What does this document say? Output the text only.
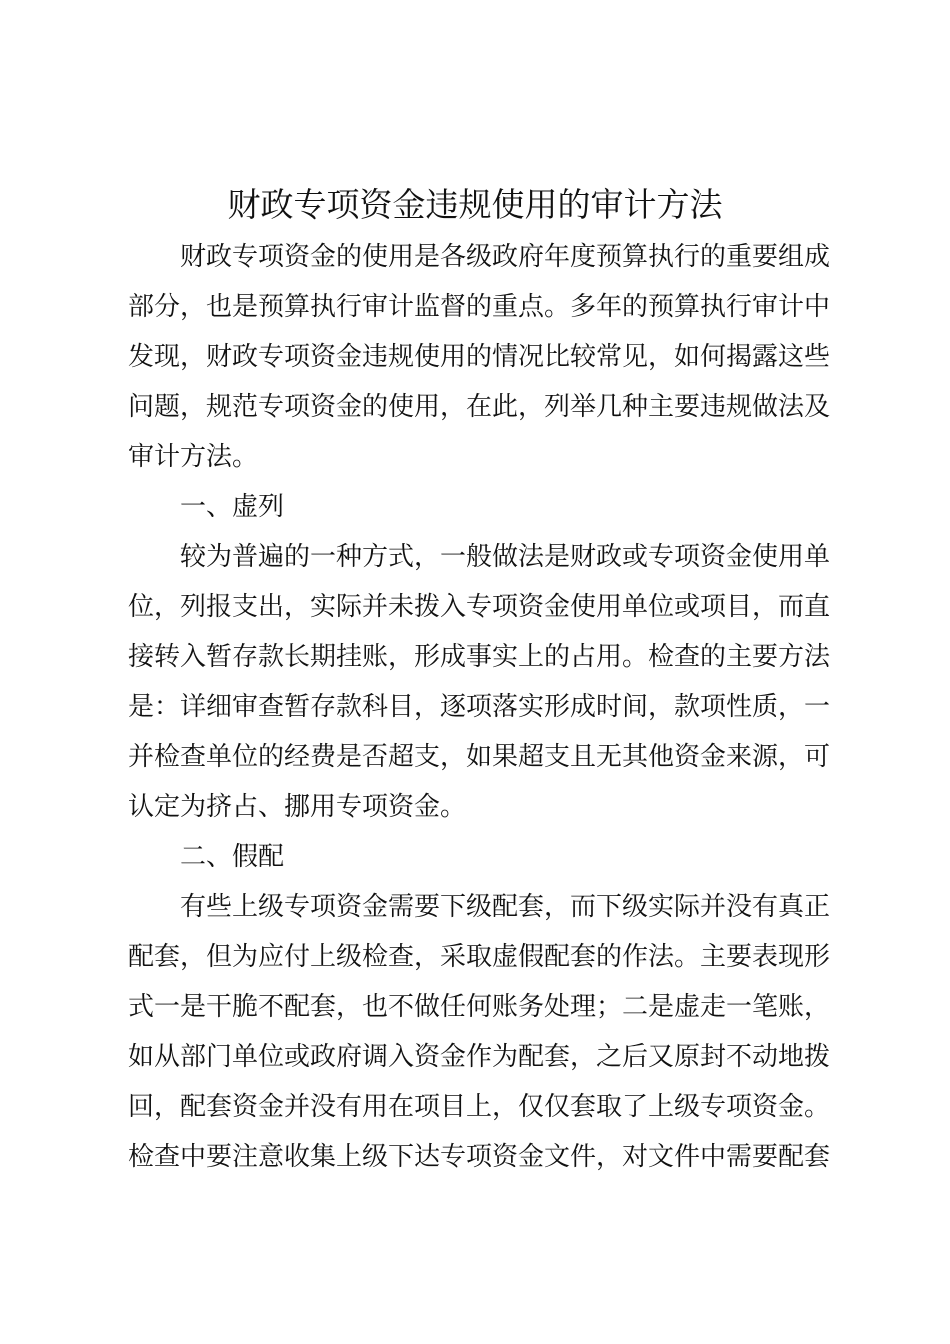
财政专项资金违规使用的审计方法
财政专项资金的使用是各级政府年度预算执行的重要组成
部分，也是预算执行审计监督的重点。多年的预算执行审计中
发现，财政专项资金违规使用的情况比较常见，如何揭露这些
问题，规范专项资金的使用，在此，列举几种主要违规做法及
审计方法。
一、虚列
较为普遍的一种方式，一般做法是财政或专项资金使用单
位，列报支出，实际并未拨入专项资金使用单位或项目，而直
接转入暂存款长期挂账，形成事实上的占用。检查的主要方法
是：详细审查暂存款科目，逐项落实形成时间，款项性质，一
并检查单位的经费是否超支，如果超支且无其他资金来源，可
认定为挤占、挪用专项资金。
二、假配
有些上级专项资金需要下级配套，而下级实际并没有真正
配套，但为应付上级检查，采取虚假配套的作法。主要表现形
式一是干脆不配套，也不做任何账务处理；二是虚走一笔账，
如从部门单位或政府调入资金作为配套，之后又原封不动地拨
回，配套资金并没有用在项目上，仅仅套取了上级专项资金。
检查中要注意收集上级下达专项资金文件，对文件中需要配套
